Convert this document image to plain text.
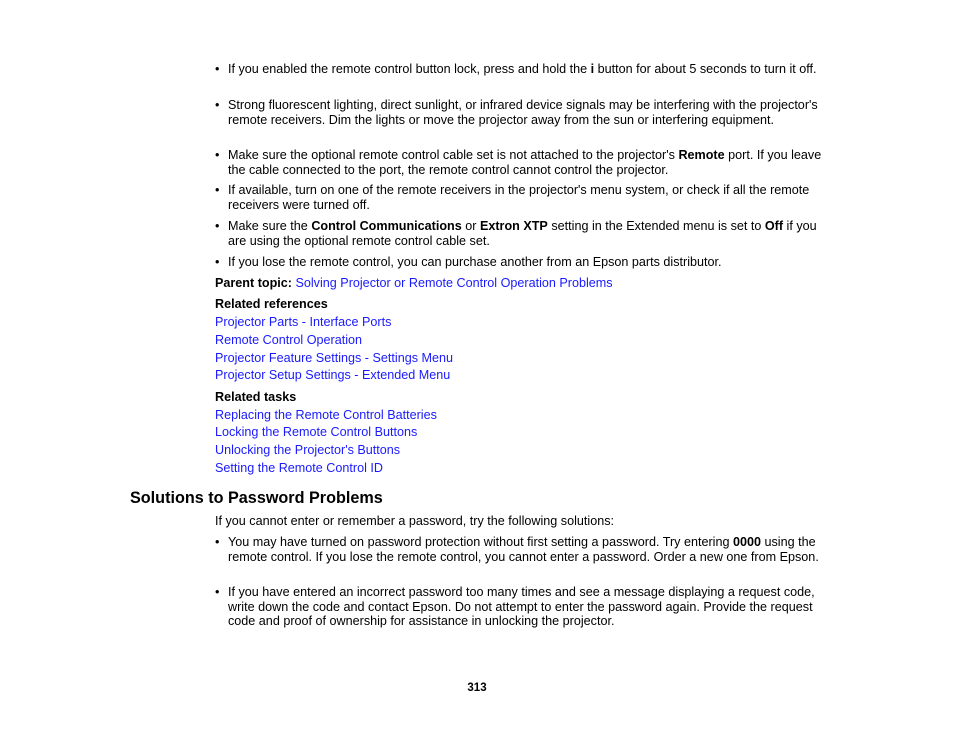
• If you enabled the remote control button lock, press and hold the i button for about 5 seconds to turn it off.
• Strong fluorescent lighting, direct sunlight, or infrared device signals may be interfering with the projector's remote receivers. Dim the lights or move the projector away from the sun or interfering equipment.
• Make sure the optional remote control cable set is not attached to the projector's Remote port. If you leave the cable connected to the port, the remote control cannot control the projector.
• If available, turn on one of the remote receivers in the projector's menu system, or check if all the remote receivers were turned off.
• Make sure the Control Communications or Extron XTP setting in the Extended menu is set to Off if you are using the optional remote control cable set.
• If you lose the remote control, you can purchase another from an Epson parts distributor.
Parent topic: Solving Projector or Remote Control Operation Problems
Related references
Projector Parts - Interface Ports
Remote Control Operation
Projector Feature Settings - Settings Menu
Projector Setup Settings - Extended Menu
Related tasks
Replacing the Remote Control Batteries
Locking the Remote Control Buttons
Unlocking the Projector's Buttons
Setting the Remote Control ID
Solutions to Password Problems
If you cannot enter or remember a password, try the following solutions:
• You may have turned on password protection without first setting a password. Try entering 0000 using the remote control. If you lose the remote control, you cannot enter a password. Order a new one from Epson.
• If you have entered an incorrect password too many times and see a message displaying a request code, write down the code and contact Epson. Do not attempt to enter the password again. Provide the request code and proof of ownership for assistance in unlocking the projector.
313
